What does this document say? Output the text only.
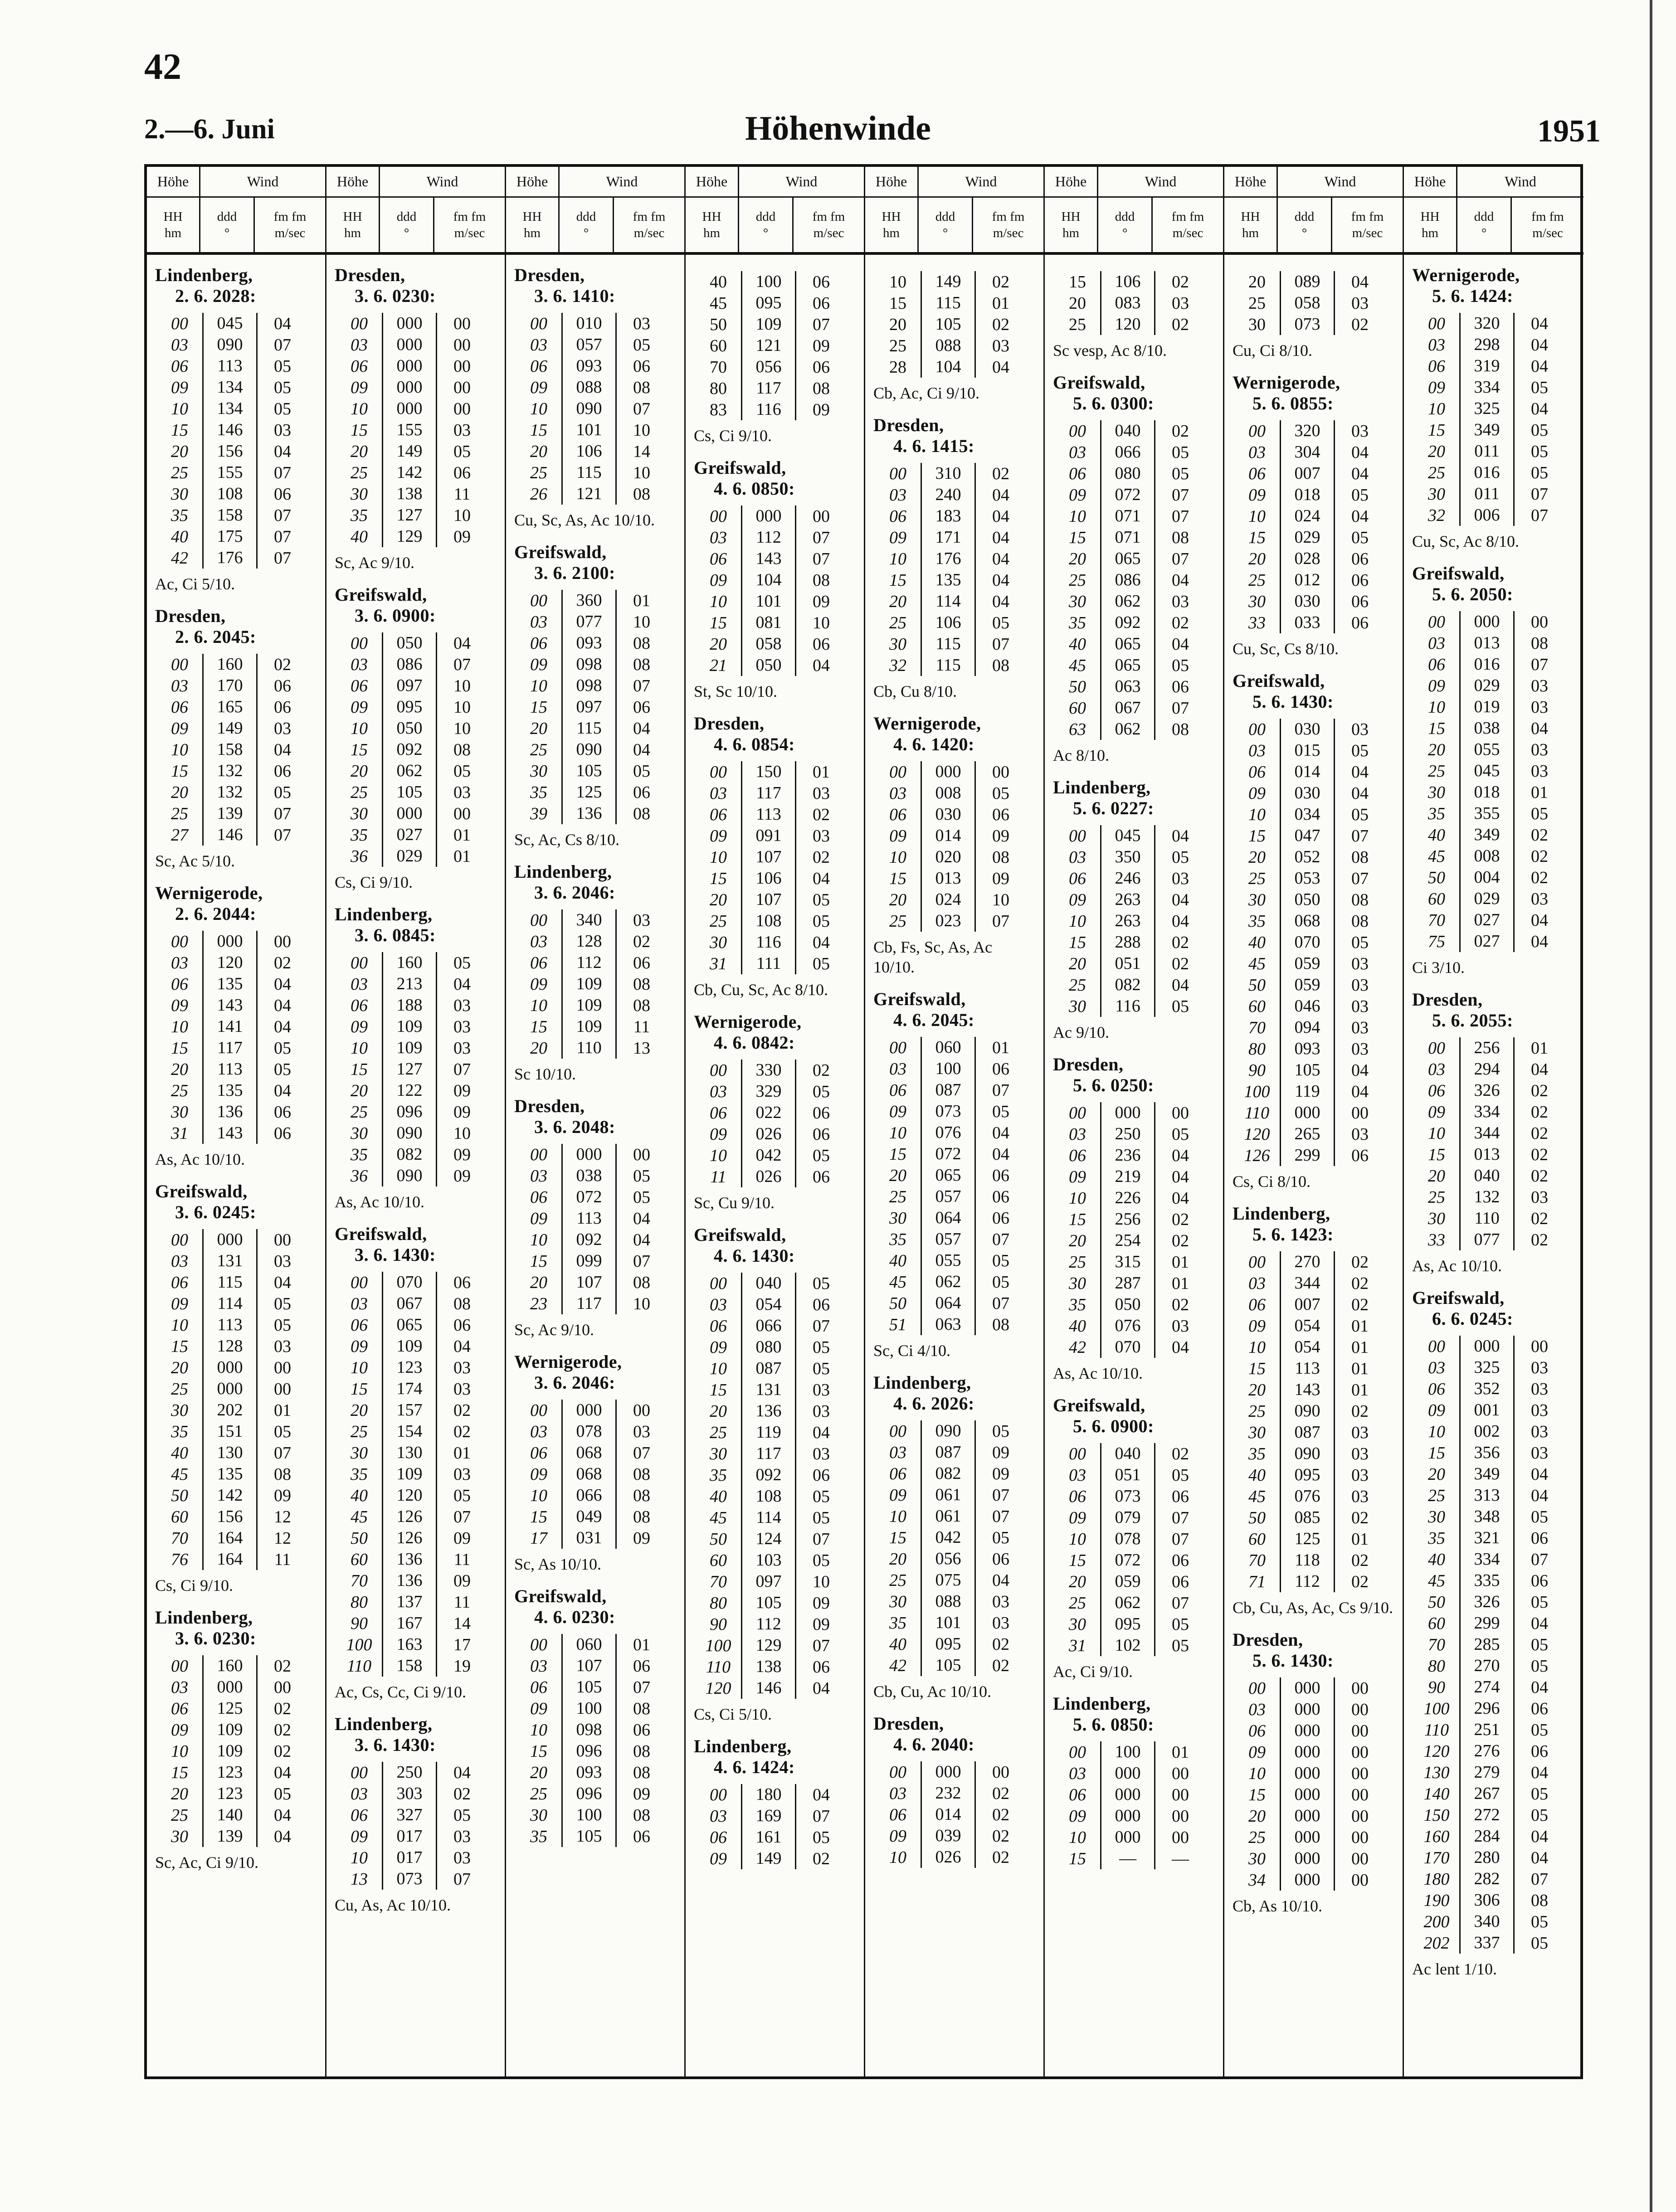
42
2.—6. Juni	Höhenwinde	1951
Höhe	Wind
HH
hm
ddd
°
fm fm
m/sec
Lindenberg,
2. 6. 2028:
00	045	04
03	090	07
06	113	05
09	134	05
10	134	05
15	146	03
20	156	04
25	155	07
30	108	06
35	158	07
40	175	07
42	176	07
Ac, Ci 5/10.
Dresden,
2. 6. 2045:
00	160	02
03	170	06
06	165	06
09	149	03
10	158	04
15	132	06
20	132	05
25	139	07
27	146	07
Sc, Ac 5/10.
Wernigerode,
2. 6. 2044:
00	000	00
03	120	02
06	135	04
09	143	04
10	141	04
15	117	05
20	113	05
25	135	04
30	136	06
31	143	06
As, Ac 10/10.
Greifswald,
3. 6. 0245:
00	000	00
03	131	03
06	115	04
09	114	05
10	113	05
15	128	03
20	000	00
25	000	00
30	202	01
35	151	05
40	130	07
45	135	08
50	142	09
60	156	12
70	164	12
76	164	11
Cs, Ci 9/10.
Lindenberg,
3. 6. 0230:
00	160	02
03	000	00
06	125	02
09	109	02
10	109	02
15	123	04
20	123	05
25	140	04
30	139	04
Sc, Ac, Ci 9/10.
Höhe	Wind
HH
hm
ddd
°
fm fm
m/sec
Dresden,
3. 6. 0230:
00	000	00
03	000	00
06	000	00
09	000	00
10	000	00
15	155	03
20	149	05
25	142	06
30	138	11
35	127	10
40	129	09
Sc, Ac 9/10.
Greifswald,
3. 6. 0900:
00	050	04
03	086	07
06	097	10
09	095	10
10	050	10
15	092	08
20	062	05
25	105	03
30	000	00
35	027	01
36	029	01
Cs, Ci 9/10.
Lindenberg,
3. 6. 0845:
00	160	05
03	213	04
06	188	03
09	109	03
10	109	03
15	127	07
20	122	09
25	096	09
30	090	10
35	082	09
36	090	09
As, Ac 10/10.
Greifswald,
3. 6. 1430:
00	070	06
03	067	08
06	065	06
09	109	04
10	123	03
15	174	03
20	157	02
25	154	02
30	130	01
35	109	03
40	120	05
45	126	07
50	126	09
60	136	11
70	136	09
80	137	11
90	167	14
100	163	17
110	158	19
Ac, Cs, Cc, Ci 9/10.
Lindenberg,
3. 6. 1430:
00	250	04
03	303	02
06	327	05
09	017	03
10	017	03
13	073	07
Cu, As, Ac 10/10.
Höhe	Wind
HH
hm
ddd
°
fm fm
m/sec
Dresden,
3. 6. 1410:
00	010	03
03	057	05
06	093	06
09	088	08
10	090	07
15	101	10
20	106	14
25	115	10
26	121	08
Cu, Sc, As, Ac 10/10.
Greifswald,
3. 6. 2100:
00	360	01
03	077	10
06	093	08
09	098	08
10	098	07
15	097	06
20	115	04
25	090	04
30	105	05
35	125	06
39	136	08
Sc, Ac, Cs 8/10.
Lindenberg,
3. 6. 2046:
00	340	03
03	128	02
06	112	06
09	109	08
10	109	08
15	109	11
20	110	13
Sc 10/10.
Dresden,
3. 6. 2048:
00	000	00
03	038	05
06	072	05
09	113	04
10	092	04
15	099	07
20	107	08
23	117	10
Sc, Ac 9/10.
Wernigerode,
3. 6. 2046:
00	000	00
03	078	03
06	068	07
09	068	08
10	066	08
15	049	08
17	031	09
Sc, As 10/10.
Greifswald,
4. 6. 0230:
00	060	01
03	107	06
06	105	07
09	100	08
10	098	06
15	096	08
20	093	08
25	096	09
30	100	08
35	105	06
Höhe	Wind
HH
hm
ddd
°
fm fm
m/sec
40	100	06
45	095	06
50	109	07
60	121	09
70	056	06
80	117	08
83	116	09
Cs, Ci 9/10.
Greifswald,
4. 6. 0850:
00	000	00
03	112	07
06	143	07
09	104	08
10	101	09
15	081	10
20	058	06
21	050	04
St, Sc 10/10.
Dresden,
4. 6. 0854:
00	150	01
03	117	03
06	113	02
09	091	03
10	107	02
15	106	04
20	107	05
25	108	05
30	116	04
31	111	05
Cb, Cu, Sc, Ac 8/10.
Wernigerode,
4. 6. 0842:
00	330	02
03	329	05
06	022	06
09	026	06
10	042	05
11	026	06
Sc, Cu 9/10.
Greifswald,
4. 6. 1430:
00	040	05
03	054	06
06	066	07
09	080	05
10	087	05
15	131	03
20	136	03
25	119	04
30	117	03
35	092	06
40	108	05
45	114	05
50	124	07
60	103	05
70	097	10
80	105	09
90	112	09
100	129	07
110	138	06
120	146	04
Cs, Ci 5/10.
Lindenberg,
4. 6. 1424:
00	180	04
03	169	07
06	161	05
09	149	02
Höhe	Wind
HH
hm
ddd
°
fm fm
m/sec
10	149	02
15	115	01
20	105	02
25	088	03
28	104	04
Cb, Ac, Ci 9/10.
Dresden,
4. 6. 1415:
00	310	02
03	240	04
06	183	04
09	171	04
10	176	04
15	135	04
20	114	04
25	106	05
30	115	07
32	115	08
Cb, Cu 8/10.
Wernigerode,
4. 6. 1420:
00	000	00
03	008	05
06	030	06
09	014	09
10	020	08
15	013	09
20	024	10
25	023	07
Cb, Fs, Sc, As, Ac 10/10.
Greifswald,
4. 6. 2045:
00	060	01
03	100	06
06	087	07
09	073	05
10	076	04
15	072	04
20	065	06
25	057	06
30	064	06
35	057	07
40	055	05
45	062	05
50	064	07
51	063	08
Sc, Ci 4/10.
Lindenberg,
4. 6. 2026:
00	090	05
03	087	09
06	082	09
09	061	07
10	061	07
15	042	05
20	056	06
25	075	04
30	088	03
35	101	03
40	095	02
42	105	02
Cb, Cu, Ac 10/10.
Dresden,
4. 6. 2040:
00	000	00
03	232	02
06	014	02
09	039	02
10	026	02
Höhe	Wind
HH
hm
ddd
°
fm fm
m/sec
15	106	02
20	083	03
25	120	02
Sc vesp, Ac 8/10.
Greifswald,
5. 6. 0300:
00	040	02
03	066	05
06	080	05
09	072	07
10	071	07
15	071	08
20	065	07
25	086	04
30	062	03
35	092	02
40	065	04
45	065	05
50	063	06
60	067	07
63	062	08
Ac 8/10.
Lindenberg,
5. 6. 0227:
00	045	04
03	350	05
06	246	03
09	263	04
10	263	04
15	288	02
20	051	02
25	082	04
30	116	05
Ac 9/10.
Dresden,
5. 6. 0250:
00	000	00
03	250	05
06	236	04
09	219	04
10	226	04
15	256	02
20	254	02
25	315	01
30	287	01
35	050	02
40	076	03
42	070	04
As, Ac 10/10.
Greifswald,
5. 6. 0900:
00	040	02
03	051	05
06	073	06
09	079	07
10	078	07
15	072	06
20	059	06
25	062	07
30	095	05
31	102	05
Ac, Ci 9/10.
Lindenberg,
5. 6. 0850:
00	100	01
03	000	00
06	000	00
09	000	00
10	000	00
15	—	—
Höhe	Wind
HH
hm
ddd
°
fm fm
m/sec
20	089	04
25	058	03
30	073	02
Cu, Ci 8/10.
Wernigerode,
5. 6. 0855:
00	320	03
03	304	04
06	007	04
09	018	05
10	024	04
15	029	05
20	028	06
25	012	06
30	030	06
33	033	06
Cu, Sc, Cs 8/10.
Greifswald,
5. 6. 1430:
00	030	03
03	015	05
06	014	04
09	030	04
10	034	05
15	047	07
20	052	08
25	053	07
30	050	08
35	068	08
40	070	05
45	059	03
50	059	03
60	046	03
70	094	03
80	093	03
90	105	04
100	119	04
110	000	00
120	265	03
126	299	06
Cs, Ci 8/10.
Lindenberg,
5. 6. 1423:
00	270	02
03	344	02
06	007	02
09	054	01
10	054	01
15	113	01
20	143	01
25	090	02
30	087	03
35	090	03
40	095	03
45	076	03
50	085	02
60	125	01
70	118	02
71	112	02
Cb, Cu, As, Ac, Cs 9/10.
Dresden,
5. 6. 1430:
00	000	00
03	000	00
06	000	00
09	000	00
10	000	00
15	000	00
20	000	00
25	000	00
30	000	00
34	000	00
Cb, As 10/10.
Höhe	Wind
HH
hm
ddd
°
fm fm
m/sec
Wernigerode,
5. 6. 1424:
00	320	04
03	298	04
06	319	04
09	334	05
10	325	04
15	349	05
20	011	05
25	016	05
30	011	07
32	006	07
Cu, Sc, Ac 8/10.
Greifswald,
5. 6. 2050:
00	000	00
03	013	08
06	016	07
09	029	03
10	019	03
15	038	04
20	055	03
25	045	03
30	018	01
35	355	05
40	349	02
45	008	02
50	004	02
60	029	03
70	027	04
75	027	04
Ci 3/10.
Dresden,
5. 6. 2055:
00	256	01
03	294	04
06	326	02
09	334	02
10	344	02
15	013	02
20	040	02
25	132	03
30	110	02
33	077	02
As, Ac 10/10.
Greifswald,
6. 6. 0245:
00	000	00
03	325	03
06	352	03
09	001	03
10	002	03
15	356	03
20	349	04
25	313	04
30	348	05
35	321	06
40	334	07
45	335	06
50	326	05
60	299	04
70	285	05
80	270	05
90	274	04
100	296	06
110	251	05
120	276	06
130	279	04
140	267	05
150	272	05
160	284	04
170	280	04
180	282	07
190	306	08
200	340	05
202	337	05
Ac lent 1/10.
